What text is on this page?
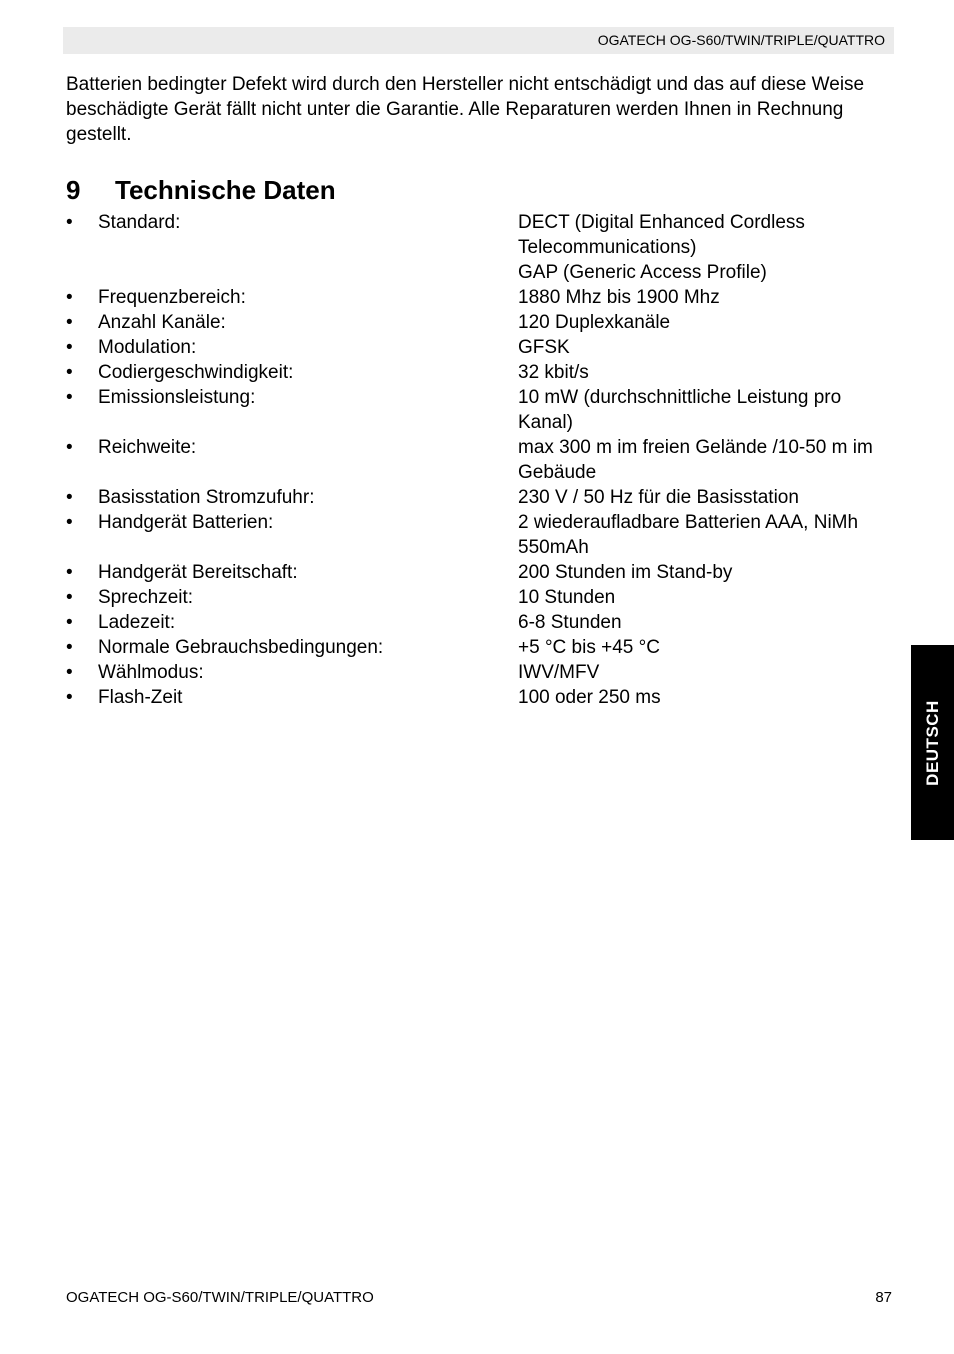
OGATECH OG-S60/TWIN/TRIPLE/QUATTRO

Batterien bedingter Defekt wird durch den Hersteller nicht entschädigt und das auf diese Weise beschädigte Gerät fällt nicht unter die Garantie. Alle Reparaturen werden Ihnen in Rechnung gestellt.

9 Technische Daten
•	Standard:	DECT (Digital Enhanced Cordless Telecommunications)
GAP (Generic Access Profile)
•	Frequenzbereich:	1880 Mhz bis 1900 Mhz
•	Anzahl Kanäle:	120 Duplexkanäle
•	Modulation:	GFSK
•	Codiergeschwindigkeit:	32 kbit/s
•	Emissionsleistung:	10 mW (durchschnittliche Leistung pro Kanal)
•	Reichweite:	max 300 m im freien Gelände /10-50 m im Gebäude
•	Basisstation Stromzufuhr:	230 V / 50 Hz für die Basisstation
•	Handgerät Batterien:	2 wiederaufladbare Batterien AAA, NiMh 550mAh
•	Handgerät Bereitschaft:	200 Stunden im Stand-by
•	Sprechzeit:	10 Stunden
•	Ladezeit:	6-8 Stunden
•	Normale Gebrauchsbedingungen:	+5 °C bis +45 °C
•	Wählmodus:	IWV/MFV
•	Flash-Zeit	100 oder 250 ms
DEUTSCH
OGATECH OG-S60/TWIN/TRIPLE/QUATTRO	87
